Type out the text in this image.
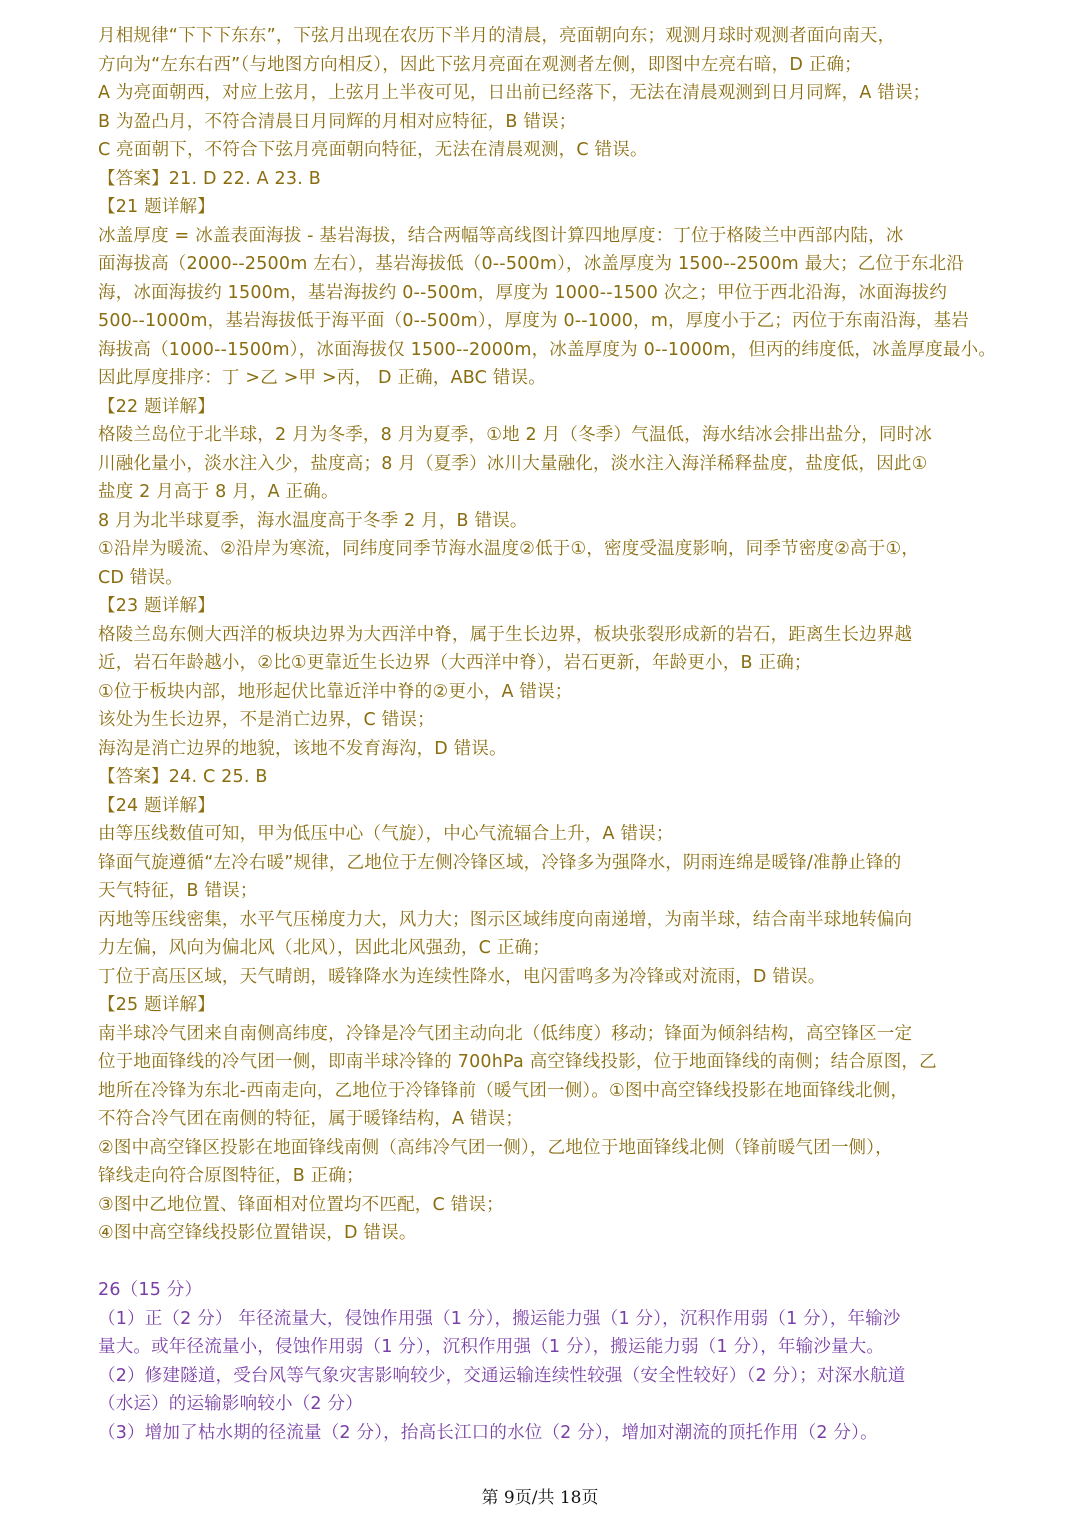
月相规律“下下下东东”，下弦月出现在农历下半月的清晨，亮面朝向东；观测月球时观测者面向南天，
方向为“左东右西”（与地图方向相反），因此下弦月亮面在观测者左侧，即图中左亮右暗，D 正确；
A 为亮面朝西，对应上弦月，上弦月上半夜可见，日出前已经落下，无法在清晨观测到日月同辉，A 错误；
B 为盈凸月，不符合清晨日月同辉的月相对应特征，B 错误；
C 亮面朝下，不符合下弦月亮面朝向特征，无法在清晨观测，C 错误。
【答案】21. D 22. A 23. B
【21 题详解】
冰盖厚度 = 冰盖表面海拔 - 基岩海拔，结合两幅等高线图计算四地厚度：丁位于格陵兰中西部内陆，冰
面海拔高（2000--2500m 左右），基岩海拔低（0--500m），冰盖厚度为 1500--2500m 最大；乙位于东北沿
海，冰面海拔约 1500m，基岩海拔约 0--500m，厚度为 1000--1500 次之；甲位于西北沿海，冰面海拔约
500--1000m，基岩海拔低于海平面（0--500m），厚度为 0--1000，m，厚度小于乙；丙位于东南沿海，基岩
海拔高（1000--1500m），冰面海拔仅 1500--2000m，冰盖厚度为 0--1000m，但丙的纬度低，冰盖厚度最小。
因此厚度排序：丁 >乙 >甲 >丙， D 正确，ABC 错误。
【22 题详解】
格陵兰岛位于北半球，2 月为冬季，8 月为夏季，①地 2 月（冬季）气温低，海水结冰会排出盐分，同时冰
川融化量小，淡水注入少，盐度高；8 月（夏季）冰川大量融化，淡水注入海洋稀释盐度，盐度低，因此①
盐度 2 月高于 8 月，A 正确。
8 月为北半球夏季，海水温度高于冬季 2 月，B 错误。
①沿岸为暖流、②沿岸为寒流，同纬度同季节海水温度②低于①，密度受温度影响，同季节密度②高于①，
CD 错误。
【23 题详解】
格陵兰岛东侧大西洋的板块边界为大西洋中脊，属于生长边界，板块张裂形成新的岩石，距离生长边界越
近，岩石年龄越小，②比①更靠近生长边界（大西洋中脊），岩石更新，年龄更小，B 正确；
①位于板块内部，地形起伏比靠近洋中脊的②更小，A 错误；
该处为生长边界，不是消亡边界，C 错误；
海沟是消亡边界的地貌，该地不发育海沟，D 错误。
【答案】24. C 25. B
【24 题详解】
由等压线数值可知，甲为低压中心（气旋），中心气流辐合上升，A 错误；
锋面气旋遵循“左冷右暖”规律，乙地位于左侧冷锋区域，冷锋多为强降水，阴雨连绵是暖锋/准静止锋的
天气特征，B 错误；
丙地等压线密集，水平气压梯度力大，风力大；图示区域纬度向南递增，为南半球，结合南半球地转偏向
力左偏，风向为偏北风（北风），因此北风强劲，C 正确；
丁位于高压区域，天气晴朗，暖锋降水为连续性降水，电闪雷鸣多为冷锋或对流雨，D 错误。
【25 题详解】
南半球冷气团来自南侧高纬度，冷锋是冷气团主动向北（低纬度）移动；锋面为倾斜结构，高空锋区一定
位于地面锋线的冷气团一侧，即南半球冷锋的 700hPa 高空锋线投影，位于地面锋线的南侧；结合原图，乙
地所在冷锋为东北-西南走向，乙地位于冷锋锋前（暖气团一侧）。①图中高空锋线投影在地面锋线北侧，
不符合冷气团在南侧的特征，属于暖锋结构，A 错误；
②图中高空锋区投影在地面锋线南侧（高纬冷气团一侧），乙地位于地面锋线北侧（锋前暖气团一侧），
锋线走向符合原图特征，B 正确；
③图中乙地位置、锋面相对位置均不匹配，C 错误；
④图中高空锋线投影位置错误，D 错误。
26（15 分）
（1）正（2 分） 年径流量大，侵蚀作用强（1 分），搬运能力强（1 分），沉积作用弱（1 分），年输沙
量大。或年径流量小，侵蚀作用弱（1 分），沉积作用强（1 分），搬运能力弱（1 分），年输沙量大。
（2）修建隧道，受台风等气象灾害影响较少，交通运输连续性较强（安全性较好）（2 分）；对深水航道
（水运）的运输影响较小（2 分）
（3）增加了枯水期的径流量（2 分），抬高长江口的水位（2 分），增加对潮流的顶托作用（2 分）。
第 9页/共 18页
